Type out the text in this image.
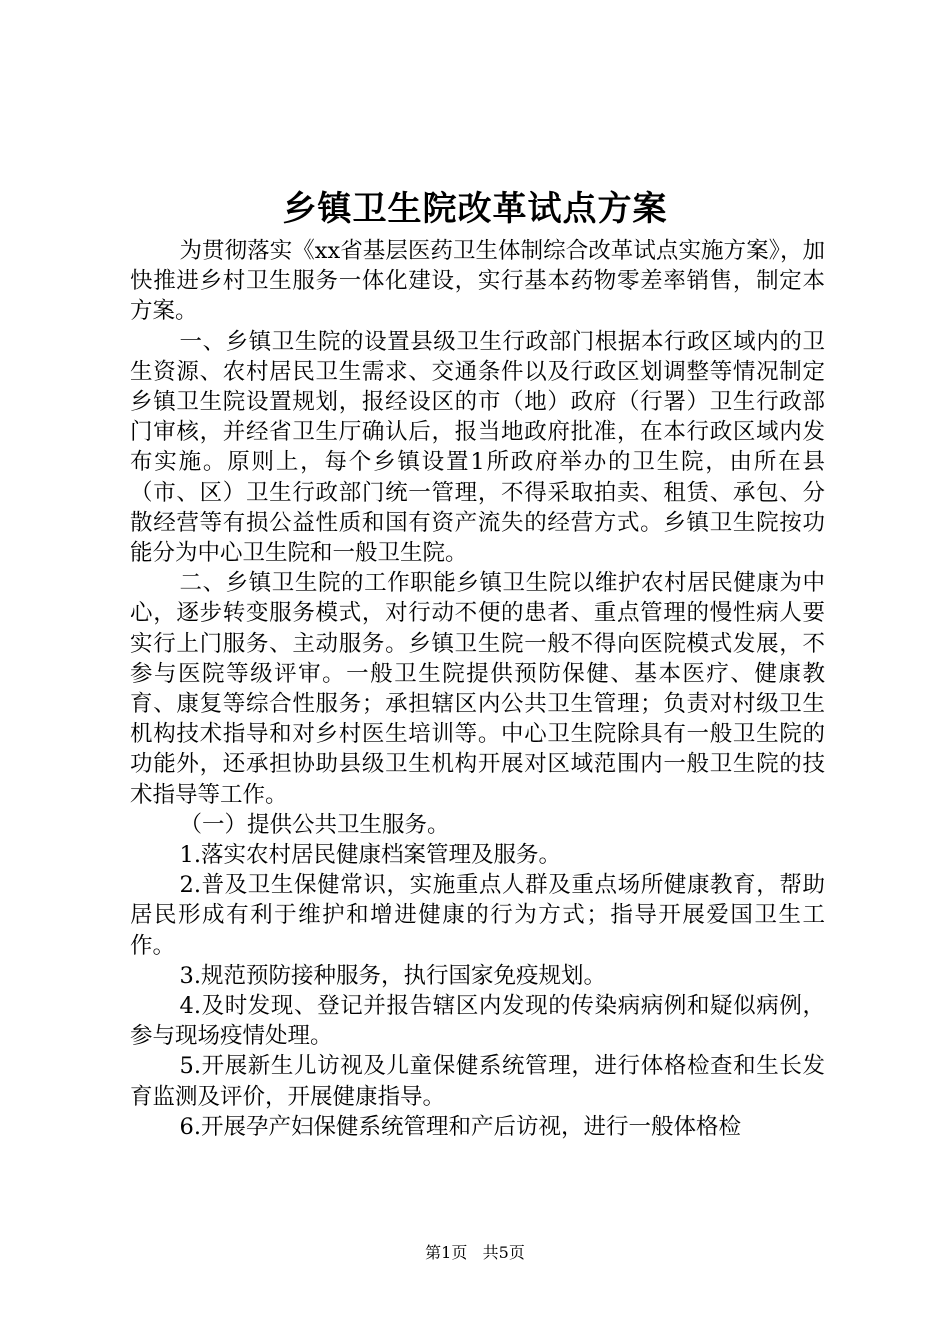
乡镇卫生院改革试点方案

为贯彻落实《xx省基层医药卫生体制综合改革试点实施方案》，加快推进乡村卫生服务一体化建设，实行基本药物零差率销售，制定本方案。

一、乡镇卫生院的设置县级卫生行政部门根据本行政区域内的卫生资源、农村居民卫生需求、交通条件以及行政区划调整等情况制定乡镇卫生院设置规划，报经设区的市（地）政府（行署）卫生行政部门审核，并经省卫生厅确认后，报当地政府批准，在本行政区域内发布实施。原则上，每个乡镇设置1所政府举办的卫生院，由所在县（市、区）卫生行政部门统一管理，不得采取拍卖、租赁、承包、分散经营等有损公益性质和国有资产流失的经营方式。乡镇卫生院按功能分为中心卫生院和一般卫生院。

二、乡镇卫生院的工作职能乡镇卫生院以维护农村居民健康为中心，逐步转变服务模式，对行动不便的患者、重点管理的慢性病人要实行上门服务、主动服务。乡镇卫生院一般不得向医院模式发展，不参与医院等级评审。一般卫生院提供预防保健、基本医疗、健康教育、康复等综合性服务；承担辖区内公共卫生管理；负责对村级卫生机构技术指导和对乡村医生培训等。中心卫生院除具有一般卫生院的功能外，还承担协助县级卫生机构开展对区域范围内一般卫生院的技术指导等工作。

（一）提供公共卫生服务。

1.落实农村居民健康档案管理及服务。

2.普及卫生保健常识，实施重点人群及重点场所健康教育，帮助居民形成有利于维护和增进健康的行为方式；指导开展爱国卫生工作。

3.规范预防接种服务，执行国家免疫规划。

4.及时发现、登记并报告辖区内发现的传染病病例和疑似病例，参与现场疫情处理。

5.开展新生儿访视及儿童保健系统管理，进行体格检查和生长发育监测及评价，开展健康指导。

6.开展孕产妇保健系统管理和产后访视，进行一般体格检

第1页 共5页
